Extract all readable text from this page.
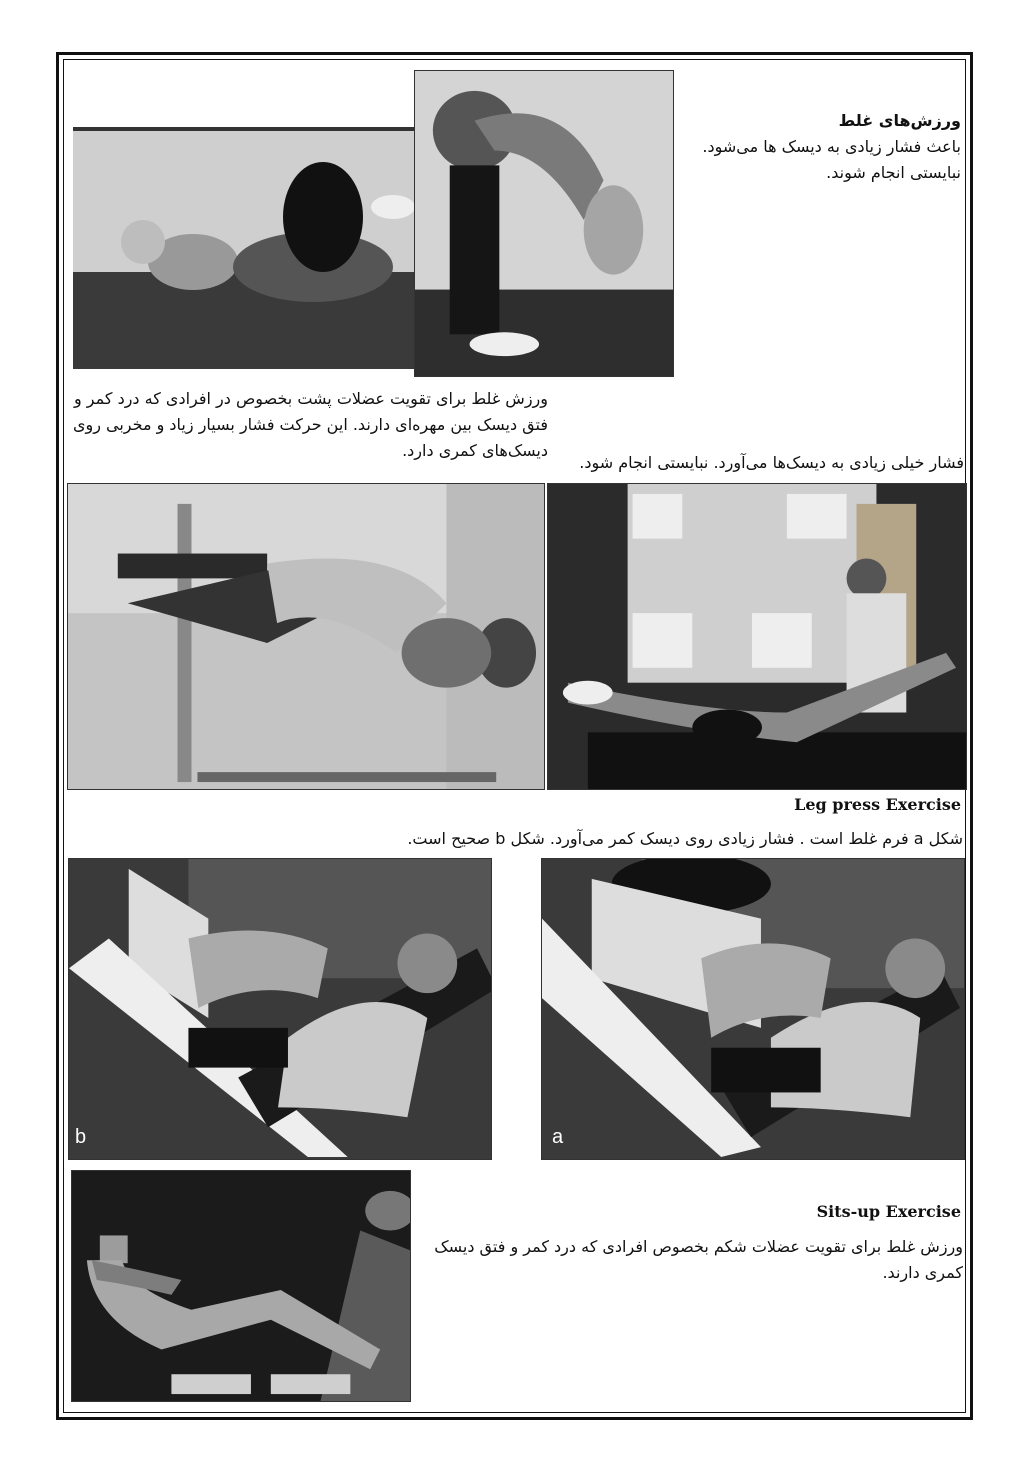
ورزش‌های غلط
باعث فشار زیادی به دیسک ها می‌شود.
نبایستی انجام شوند.
ورزش غلط برای تقویت عضلات پشت بخصوص در افرادی که درد کمر و
فتق دیسک بین مهره‌ای دارند. این حرکت فشار بسیار زیاد و مخربی روی
دیسک‌های کمری دارد.
فشار خیلی زیادی به دیسک‌ها می‌آورد. نبایستی انجام شود.
Leg press Exercise
شکل a فرم غلط است . فشار زیادی روی دیسک کمر می‌آورد. شکل b صحیح است.
b	a
Sits-up Exercise
ورزش غلط برای تقویت عضلات شکم بخصوص افرادی که درد کمر و فتق دیسک
کمری دارند.
